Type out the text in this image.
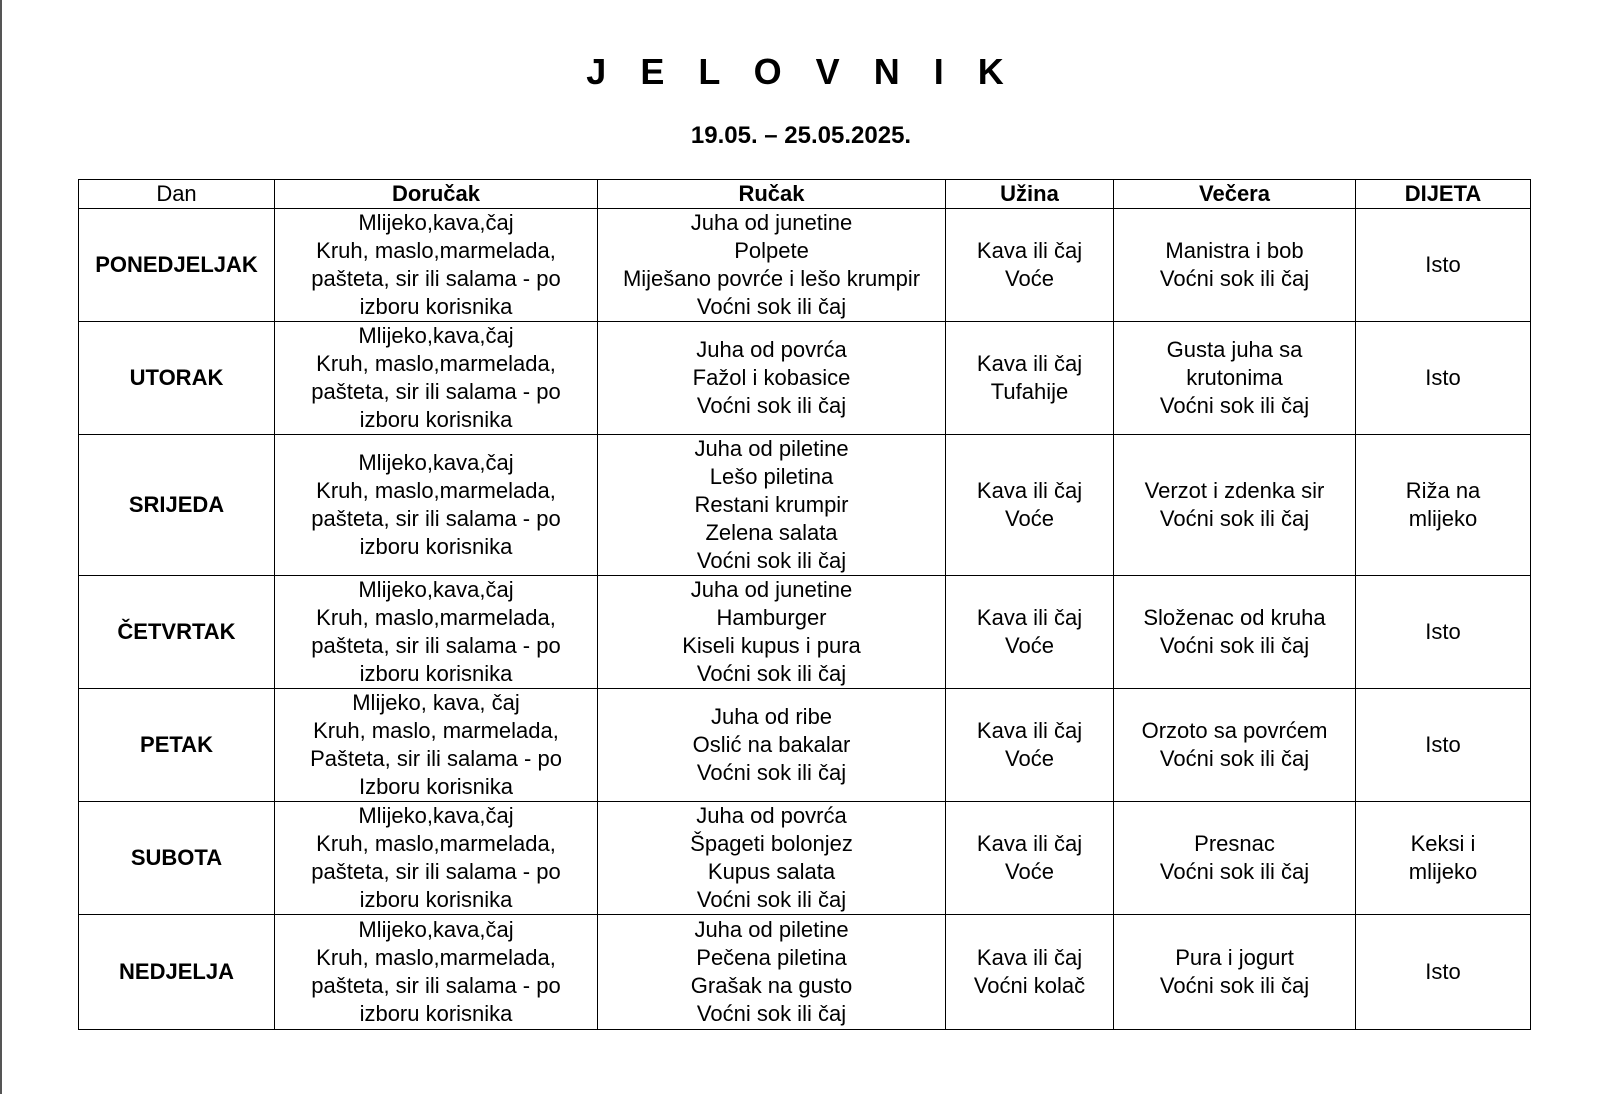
J E L O V N I K
19.05. – 25.05.2025.
Dan	Doručak	Ručak	Užina	Večera	DIJETA
PONEDJELJAK	Mlijeko,kava,čaj
Kruh, maslo,marmelada,
pašteta, sir ili salama - po
izboru korisnika	Juha od junetine
Polpete
Miješano povrće i lešo krumpir
Voćni sok ili čaj	Kava ili čaj
Voće	Manistra i bob
Voćni sok ili čaj	Isto

UTORAK	Mlijeko,kava,čaj
Kruh, maslo,marmelada,
pašteta, sir ili salama - po
izboru korisnika	Juha od povrća
Fažol i kobasice
Voćni sok ili čaj	Kava ili čaj
Tufahije	Gusta juha sa
krutonima
Voćni sok ili čaj	Isto

SRIJEDA	Mlijeko,kava,čaj
Kruh, maslo,marmelada,
pašteta, sir ili salama - po
izboru korisnika	Juha od piletine
Lešo piletina
Restani krumpir
Zelena salata
Voćni sok ili čaj	Kava ili čaj
Voće	Verzot i zdenka sir
Voćni sok ili čaj	Riža na
mlijeko

ČETVRTAK	Mlijeko,kava,čaj
Kruh, maslo,marmelada,
pašteta, sir ili salama - po
izboru korisnika	Juha od junetine
Hamburger
Kiseli kupus i pura
Voćni sok ili čaj	Kava ili čaj
Voće	Složenac od kruha
Voćni sok ili čaj	Isto

PETAK	Mlijeko, kava, čaj
Kruh, maslo, marmelada,
Pašteta, sir ili salama - po
Izboru korisnika	Juha od ribe
Oslić na bakalar
Voćni sok ili čaj	Kava ili čaj
Voće	Orzoto sa povrćem
Voćni sok ili čaj	Isto

SUBOTA	Mlijeko,kava,čaj
Kruh, maslo,marmelada,
pašteta, sir ili salama - po
izboru korisnika	Juha od povrća
Špageti bolonjez
Kupus salata
Voćni sok ili čaj	Kava ili čaj
Voće	Presnac
Voćni sok ili čaj	Keksi i
mlijeko

NEDJELJA	Mlijeko,kava,čaj
Kruh, maslo,marmelada,
pašteta, sir ili salama - po
izboru korisnika	Juha od piletine
Pečena piletina
Grašak na gusto
Voćni sok ili čaj	Kava ili čaj
Voćni kolač	Pura i jogurt
Voćni sok ili čaj	Isto
